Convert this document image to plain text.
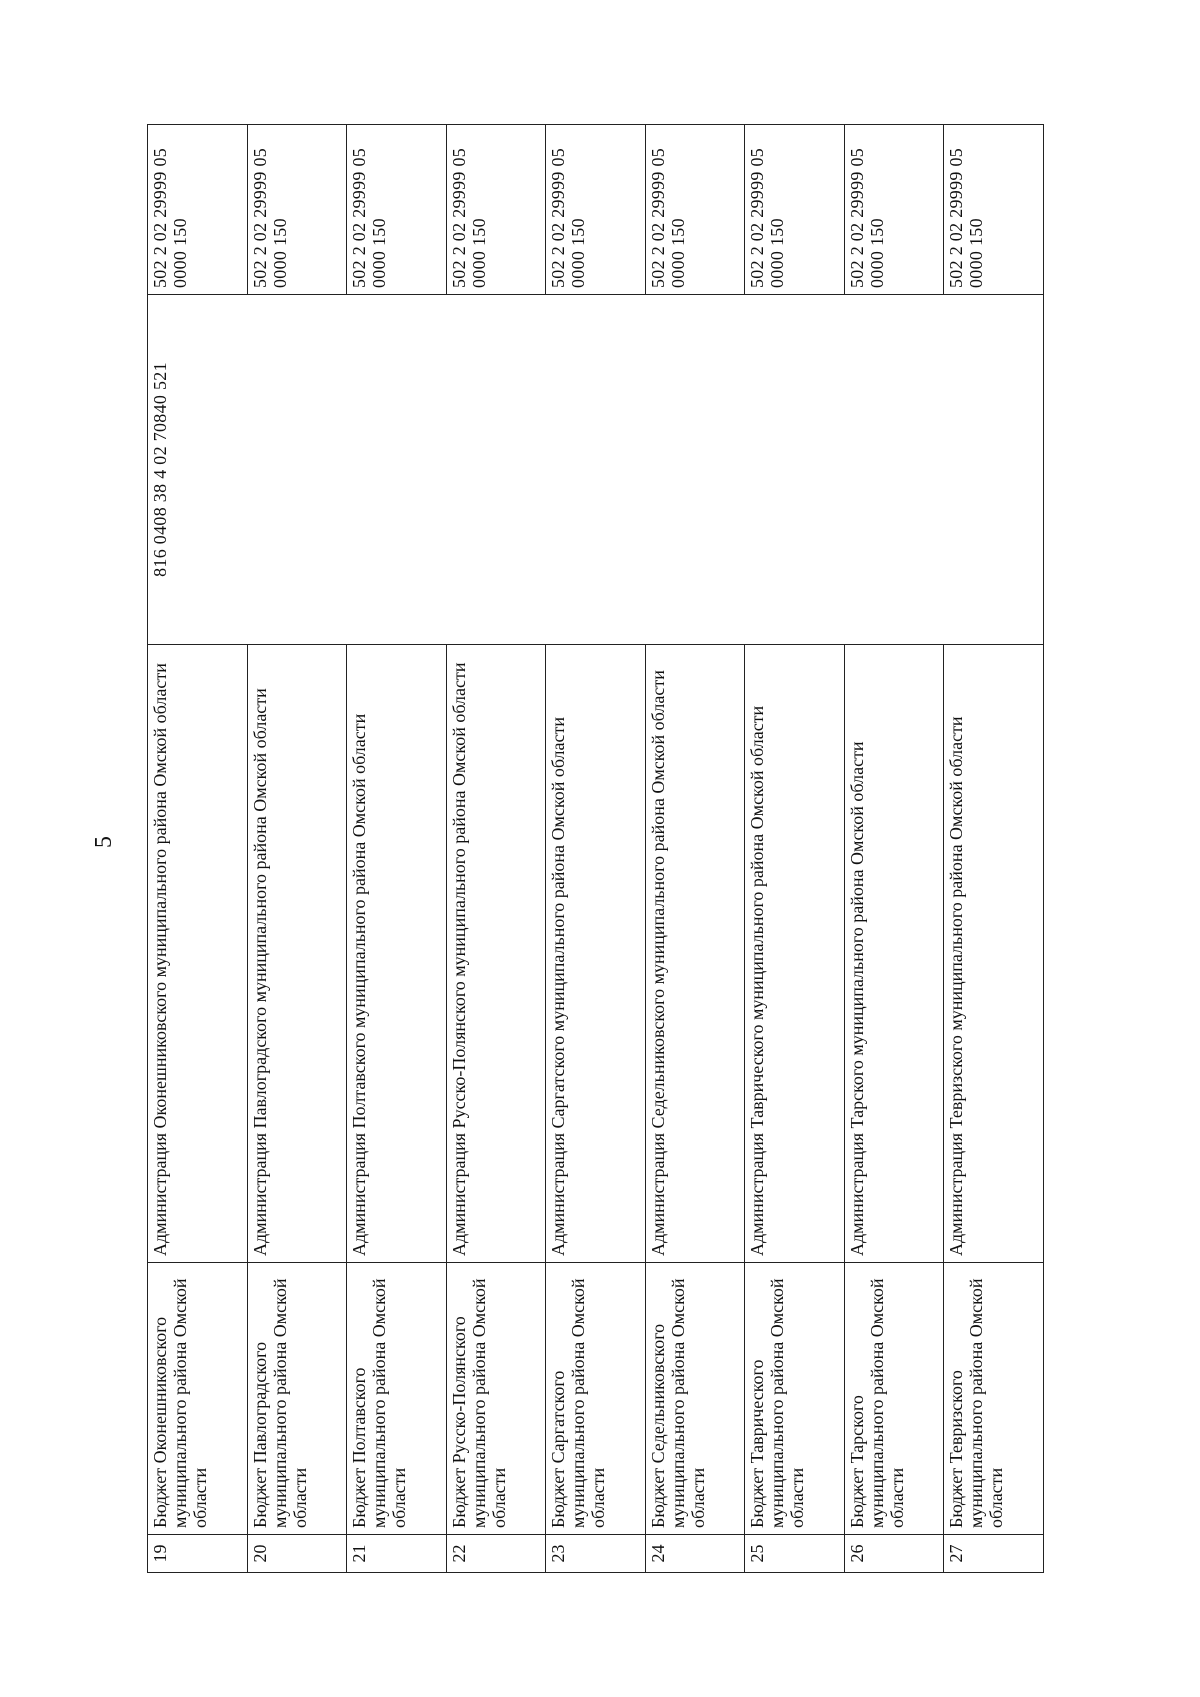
5
19	Бюджет Оконешниковского муниципального района Омской области	Администрация Оконешниковского муниципального района Омской области	816 0408 38 4 02 70840 521	502 2 02 29999 05 0000 150
20	Бюджет Павлоградского муниципального района Омской области	Администрация Павлоградского муниципального района Омской области		502 2 02 29999 05 0000 150
21	Бюджет Полтавского муниципального района Омской области	Администрация Полтавского муниципального района Омской области		502 2 02 29999 05 0000 150
22	Бюджет Русско-Полянского муниципального района Омской области	Администрация Русско-Полянского муниципального района Омской области		502 2 02 29999 05 0000 150
23	Бюджет Саргатского муниципального района Омской области	Администрация Саргатского муниципального района Омской области		502 2 02 29999 05 0000 150
24	Бюджет Седельниковского муниципального района Омской области	Администрация Седельниковского муниципального района Омской области		502 2 02 29999 05 0000 150
25	Бюджет Таврического муниципального района Омской области	Администрация Таврического муниципального района Омской области		502 2 02 29999 05 0000 150
26	Бюджет Тарского муниципального района Омской области	Администрация Тарского муниципального района Омской области		502 2 02 29999 05 0000 150
27	Бюджет Тевризского муниципального района Омской области	Администрация Тевризского муниципального района Омской области		502 2 02 29999 05 0000 150
